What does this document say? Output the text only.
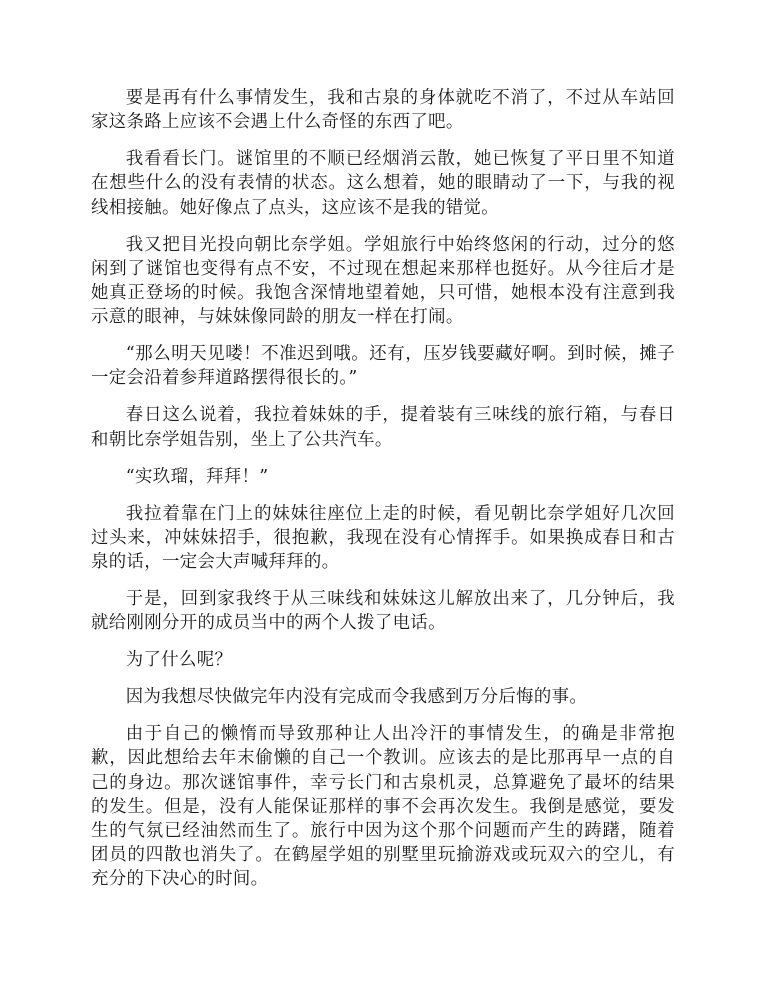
要是再有什么事情发生，我和古泉的身体就吃不消了，不过从车站回家这条路上应该不会遇上什么奇怪的东西了吧。

我看看长门。谜馆里的不顺已经烟消云散，她已恢复了平日里不知道在想些什么的没有表情的状态。这么想着，她的眼睛动了一下，与我的视线相接触。她好像点了点头，这应该不是我的错觉。

我又把目光投向朝比奈学姐。学姐旅行中始终悠闲的行动，过分的悠闲到了谜馆也变得有点不安，不过现在想起来那样也挺好。从今往后才是她真正登场的时候。我饱含深情地望着她，只可惜，她根本没有注意到我示意的眼神，与妹妹像同龄的朋友一样在打闹。

“那么明天见喽！不准迟到哦。还有，压岁钱要藏好啊。到时候，摊子一定会沿着参拜道路摆得很长的。”

春日这么说着，我拉着妹妹的手，提着装有三味线的旅行箱，与春日和朝比奈学姐告别，坐上了公共汽车。

“实玖瑠，拜拜！”

我拉着靠在门上的妹妹往座位上走的时候，看见朝比奈学姐好几次回过头来，冲妹妹招手，很抱歉，我现在没有心情挥手。如果换成春日和古泉的话，一定会大声喊拜拜的。

于是，回到家我终于从三味线和妹妹这儿解放出来了，几分钟后，我就给刚刚分开的成员当中的两个人拨了电话。

为了什么呢？

因为我想尽快做完年内没有完成而令我感到万分后悔的事。

由于自己的懒惰而导致那种让人出冷汗的事情发生，的确是非常抱歉，因此想给去年末偷懒的自己一个教训。应该去的是比那再早一点的自己的身边。那次谜馆事件，幸亏长门和古泉机灵，总算避免了最坏的结果的发生。但是，没有人能保证那样的事不会再次发生。我倒是感觉，要发生的气氛已经油然而生了。旅行中因为这个那个问题而产生的踌躇，随着团员的四散也消失了。在鹤屋学姐的别墅里玩揄游戏或玩双六的空儿，有充分的下决心的时间。
